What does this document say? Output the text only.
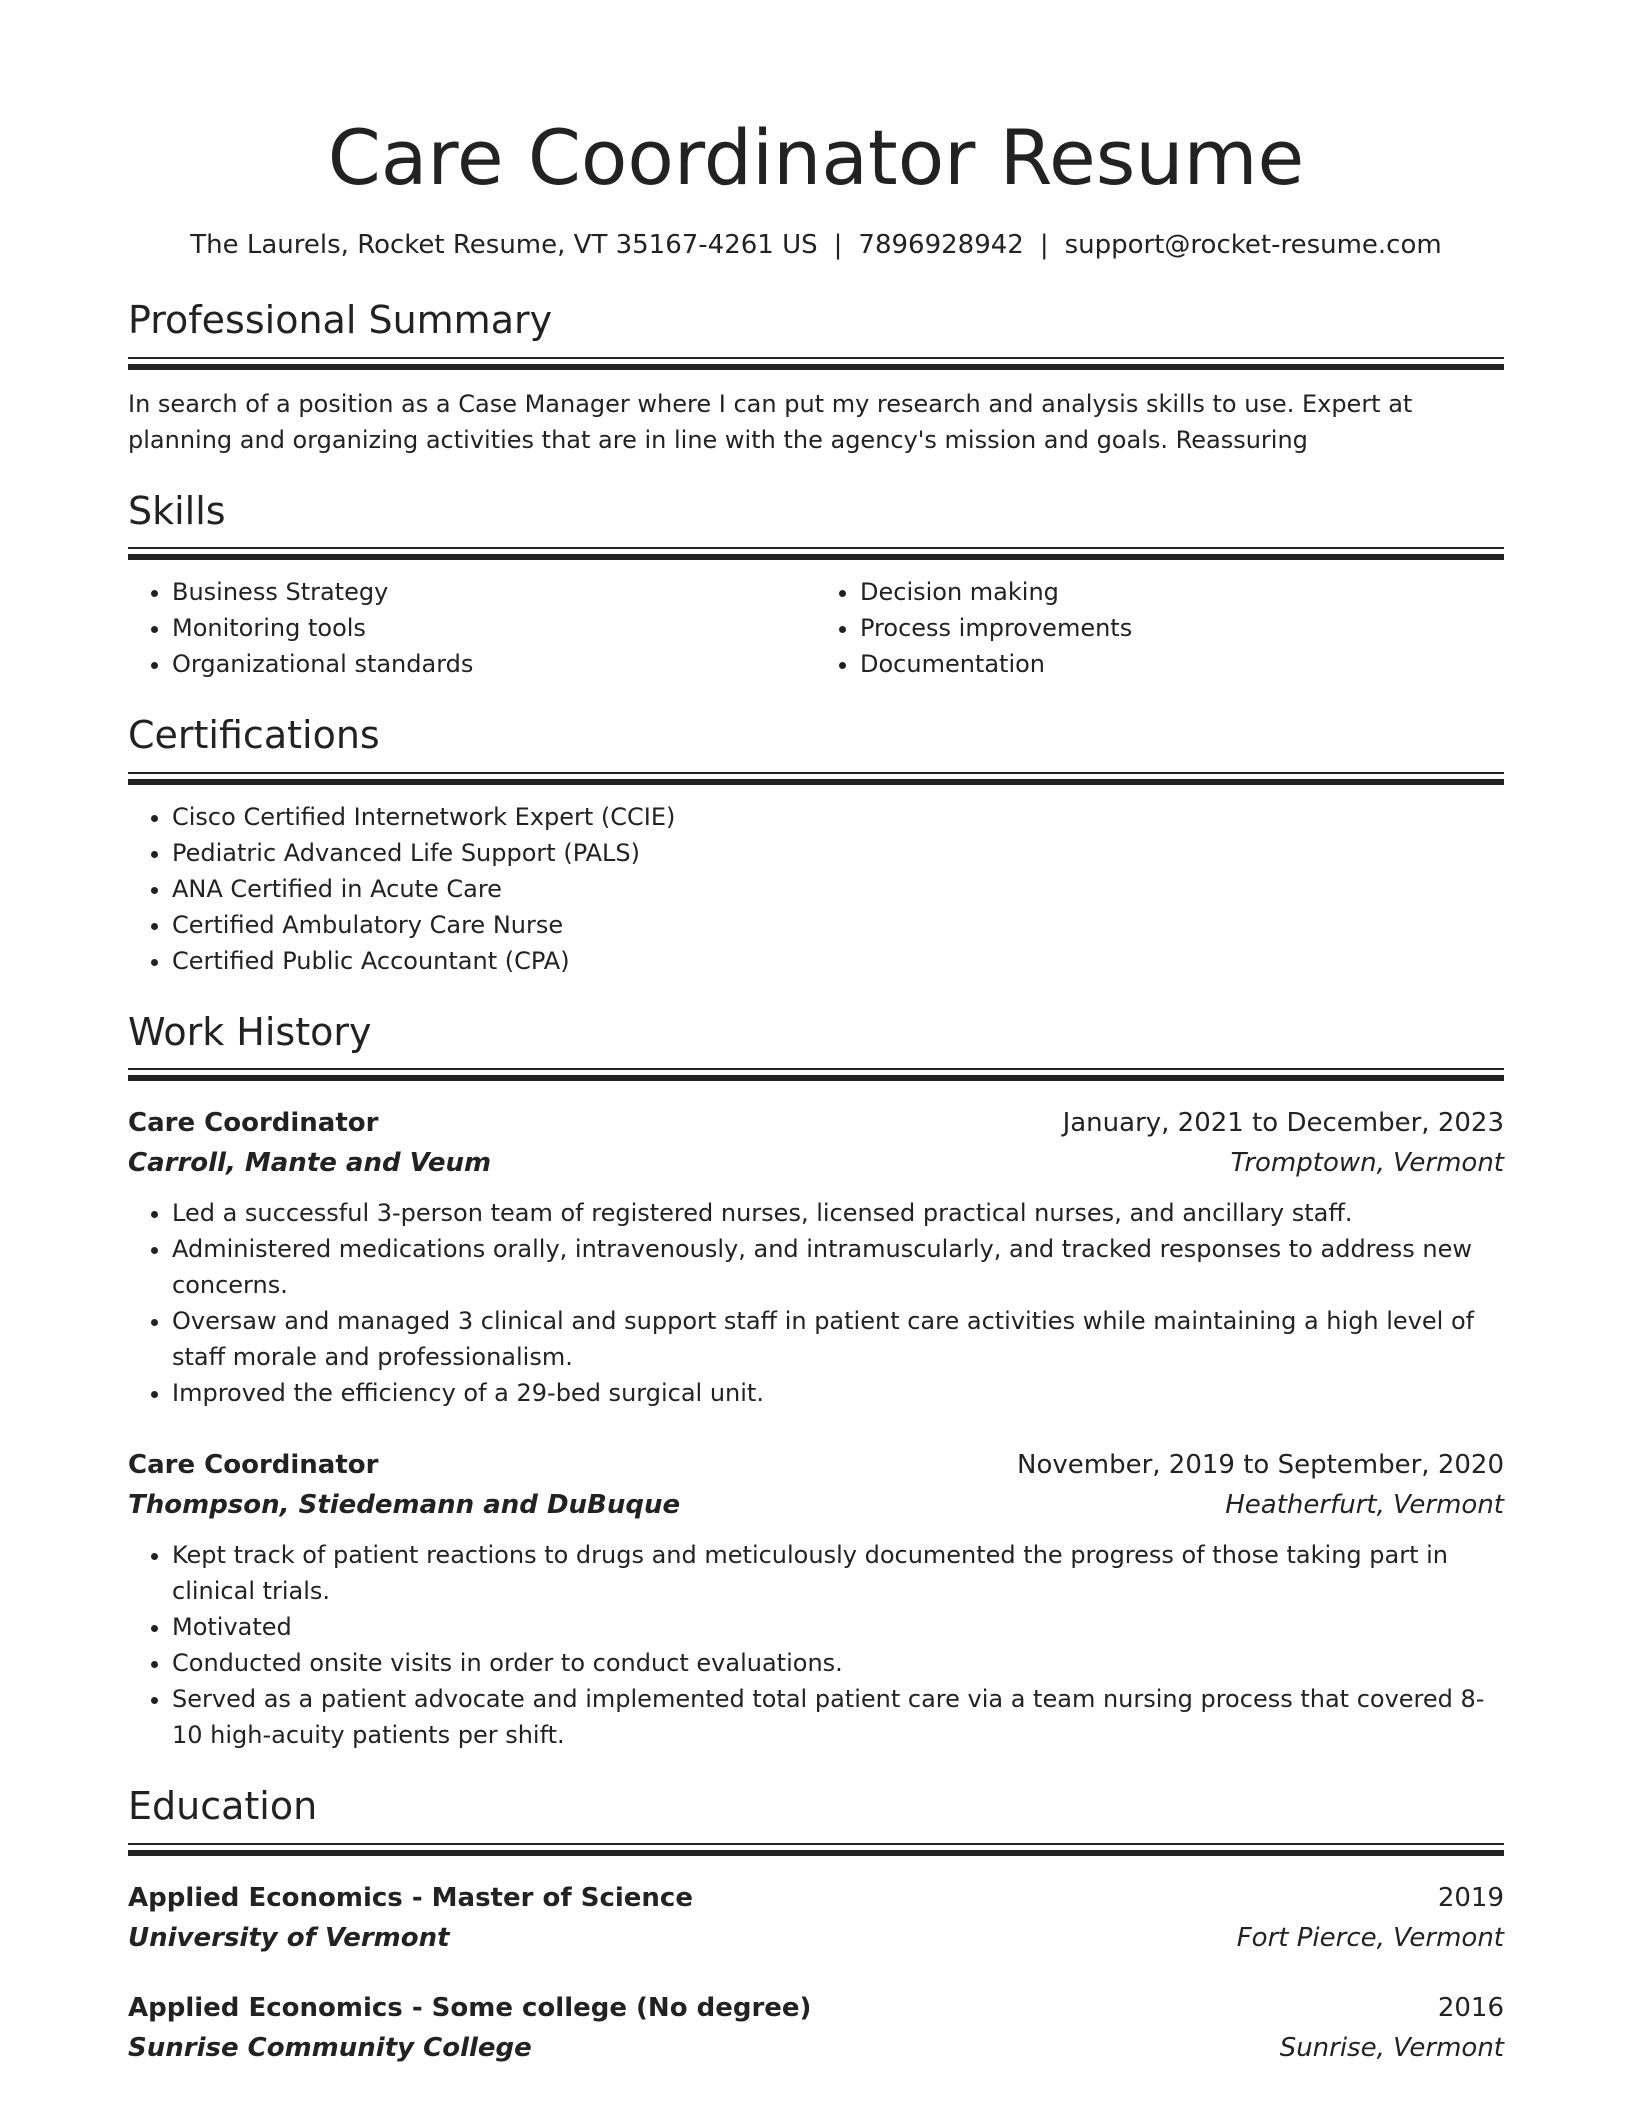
Care Coordinator Resume
The Laurels, Rocket Resume, VT 35167-4261 US | 7896928942 | support@rocket-resume.com
Professional Summary

In search of a position as a Case Manager where I can put my research and analysis skills to use. Expert at planning and organizing activities that are in line with the agency's mission and goals. Reassuring

Skills
• Business Strategy
• Monitoring tools
• Organizational standards
• Decision making
• Process improvements
• Documentation
Certifications
• Cisco Certified Internetwork Expert (CCIE)
• Pediatric Advanced Life Support (PALS)
• ANA Certified in Acute Care
• Certified Ambulatory Care Nurse
• Certified Public Accountant (CPA)
Work History
Care Coordinator	January, 2021 to December, 2023
Carroll, Mante and Veum	Tromptown, Vermont
• Led a successful 3-person team of registered nurses, licensed practical nurses, and ancillary staff.
• Administered medications orally, intravenously, and intramuscularly, and tracked responses to address new concerns.
• Oversaw and managed 3 clinical and support staff in patient care activities while maintaining a high level of staff morale and professionalism.
• Improved the efficiency of a 29-bed surgical unit.
Care Coordinator	November, 2019 to September, 2020
Thompson, Stiedemann and DuBuque	Heatherfurt, Vermont
• Kept track of patient reactions to drugs and meticulously documented the progress of those taking part in clinical trials.
• Motivated
• Conducted onsite visits in order to conduct evaluations.
• Served as a patient advocate and implemented total patient care via a team nursing process that covered 8-10 high-acuity patients per shift.
Education
Applied Economics - Master of Science	2019
University of Vermont	Fort Pierce, Vermont
Applied Economics - Some college (No degree)	2016
Sunrise Community College	Sunrise, Vermont
